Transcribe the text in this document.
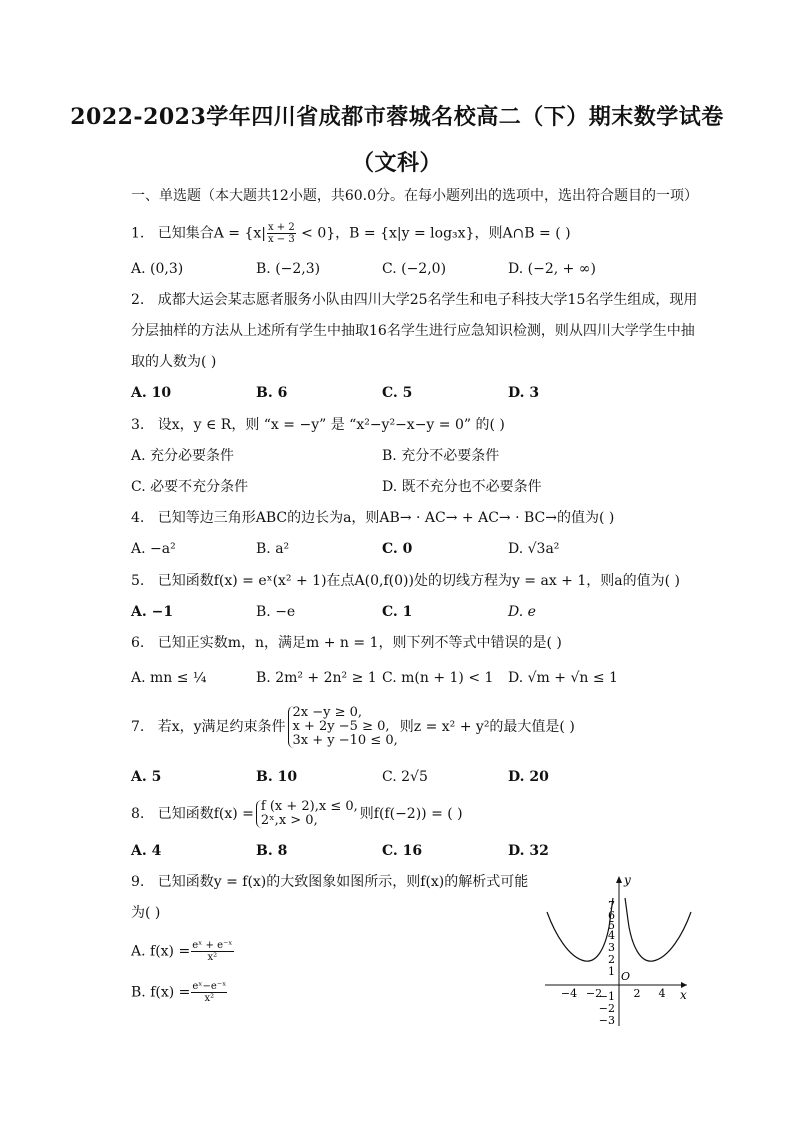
2022-2023学年四川省成都市蓉城名校高二（下）期末数学试卷
（文科）
一、单选题（本大题共12小题，共60.0分。在每小题列出的选项中，选出符合题目的一项）
1. 已知集合$A = \{x| \frac{x + 2}{x - 3} < 0\}$，B = {x|y = log₃x}，则A∩B = ( )
A. (0,3)	B. (−2,3)	C. (−2,0)	D. (−2, + ∞)
2. 成都大运会某志愿者服务小队由四川大学25名学生和电子科技大学15名学生组成，现用
分层抽样的方法从上述所有学生中抽取16名学生进行应急知识检测，则从四川大学学生中抽
取的人数为( )
A. 10	B. 6	C. 5	D. 3
3. 设x，y ∈ R，则 “x = −y” 是 “x²−y²−x−y = 0” 的( )
A. 充分必要条件	B. 充分不必要条件
C. 必要不充分条件	D. 既不充分也不必要条件
4. 已知等边三角形ABC的边长为a，则AB→ · AC→ + AC→ · BC→的值为( )
A. −a²	B. a²	C. 0	D. √3a²
5. 已知函数f(x) = eˣ(x² + 1)在点A(0,f(0))处的切线方程为y = ax + 1，则a的值为( )
A. −1	B. −e	C. 1	D. e
6. 已知正实数m，n，满足m + n = 1，则下列不等式中错误的是( )
A. mn ≤ ¼	B. 2m² + 2n² ≥ 1 C. m(n + 1) < 1 D. √m + √n ≤ 1
7. 若x，y满足约束条件
2x −y ≥ 0,
x + 2y −5 ≥ 0,
3x + y −10 ≤ 0,
则z = x² + y²的最大值是( )
A. 5	B. 10	C. 2√5	D. 20
8. 已知函数f(x) = f (x + 2),x ≤ 0,
2ˣ,x > 0,	则f(f(−2)) = ( )
A. 4	B. 8	C. 16	D. 32
9. 已知函数y = f(x)的大致图象如图所示，则f(x)的解析式可能
为( )
A. $f(x) = \frac{\text{eˣ + e⁻ˣ}}{\text{x²}}$
B. $f(x) = \frac{\text{eˣ−e⁻ˣ}}{\text{x²}}$
y
x
O
7
6
5
4
3
2
1
−1
−2
−3
−4 −2	2 4
